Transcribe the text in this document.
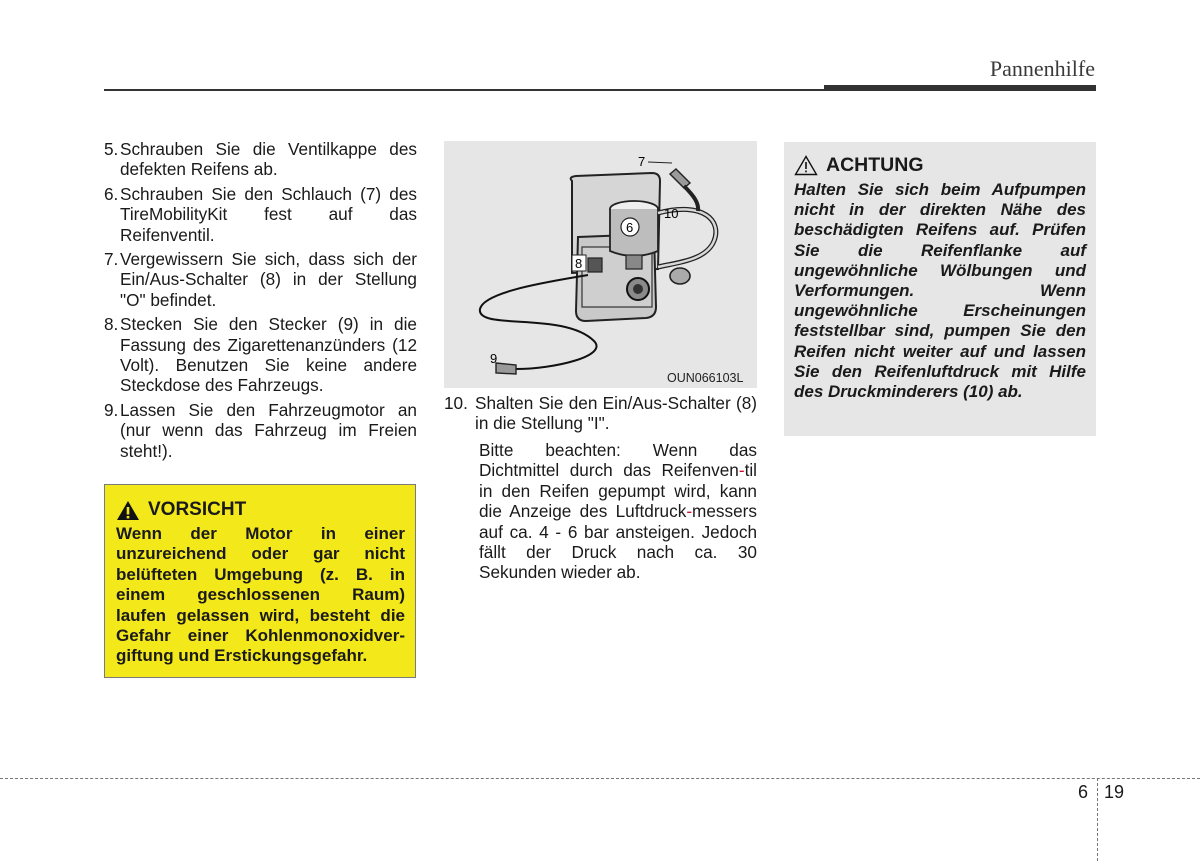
Pannenhilfe
5. Schrauben Sie die Ventilkappe des defekten Reifens ab.
6. Schrauben Sie den Schlauch (7) des TireMobilityKit fest auf das Reifenventil.
7. Vergewissern Sie sich, dass sich der Ein/Aus-Schalter (8) in der Stellung "O" befindet.
8. Stecken Sie den Stecker (9) in die Fassung des Zigarettenanzünders (12 Volt). Benutzen Sie keine andere Steckdose des Fahrzeugs.
9. Lassen Sie den Fahrzeugmotor an (nur wenn das Fahrzeug im Freien steht!).
VORSICHT
Wenn der Motor in einer unzureichend oder gar nicht belüfteten Umgebung (z. B. in einem geschlossenen Raum) laufen gelassen wird, besteht die Gefahr einer Kohlenmonoxidver-giftung und Erstickungsgefahr.
6
8
7
10
9
OUN066103L
10. Shalten Sie den Ein/Aus-Schalter (8) in die Stellung "I".
Bitte beachten: Wenn das Dichtmittel durch das Reifenven-til in den Reifen gepumpt wird, kann die Anzeige des Luftdruck-messers auf ca. 4 - 6 bar ansteigen. Jedoch fällt der Druck nach ca. 30 Sekunden wieder ab.
ACHTUNG
Halten Sie sich beim Aufpumpen nicht in der direkten Nähe des beschädigten Reifens auf. Prüfen Sie die Reifenflanke auf ungewöhnliche Wölbungen und Verformungen. Wenn ungewöhnliche Erscheinungen feststellbar sind, pumpen Sie den Reifen nicht weiter auf und lassen Sie den Reifenluftdruck mit Hilfe des Druckminderers (10) ab.
6 19
